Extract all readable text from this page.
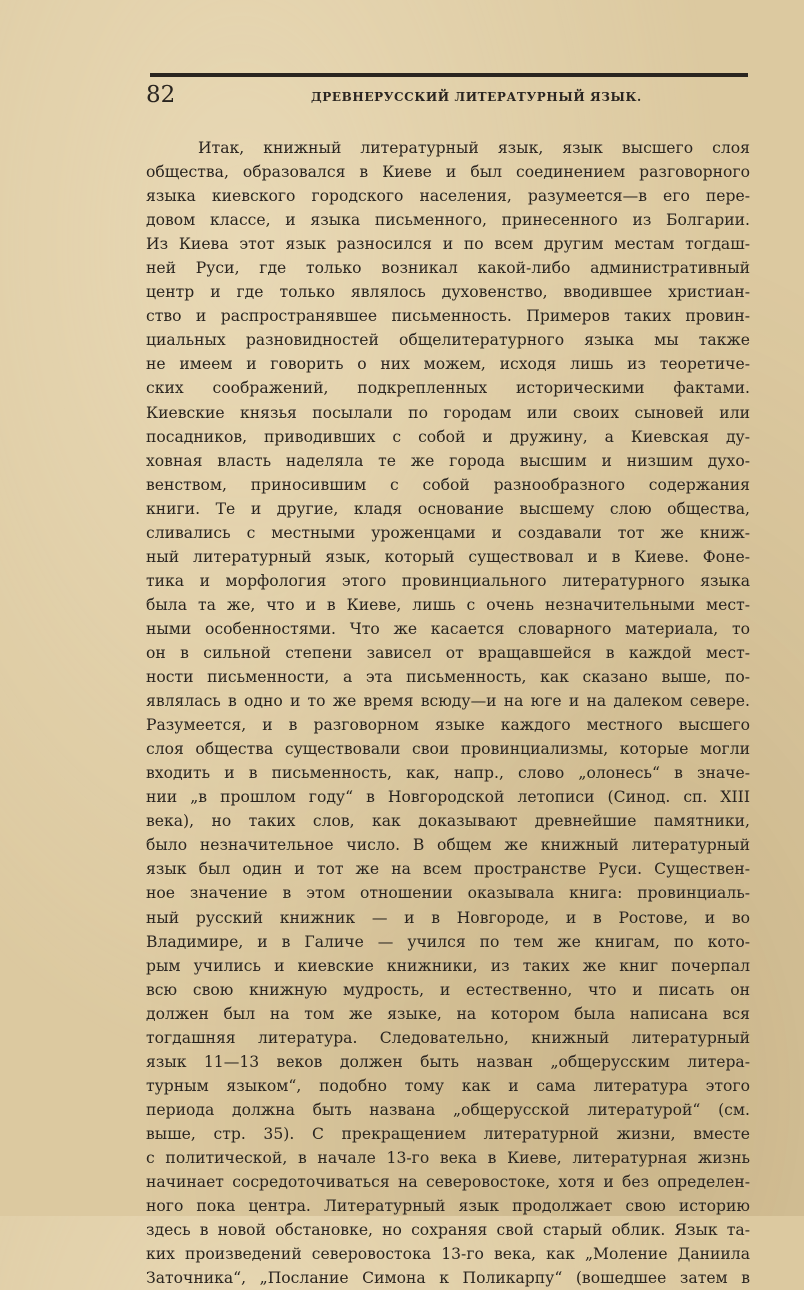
82	ДРЕВНЕРУССКИЙ ЛИТЕРАТУРНЫЙ ЯЗЫК.
Итак, книжный литературный язык, язык высшего слоя
общества, образовался в Киеве и был соединением разговорного
языка киевского городского населения, разумеется—в его пере-
довом классе, и языка письменного, принесенного из Болгарии.
Из Киева этот язык разносился и по всем другим местам тогдаш-
ней Руси, где только возникал какой-либо административный
центр и где только являлось духовенство, вводившее христиан-
ство и распространявшее письменность. Примеров таких провин-
циальных разновидностей общелитературного языка мы также
не имеем и говорить о них можем, исходя лишь из теоретиче-
ских соображений, подкрепленных историческими фактами.
Киевские князья посылали по городам или своих сыновей или
посадников, приводивших с собой и дружину, а Киевская ду-
ховная власть наделяла те же города высшим и низшим духо-
венством, приносившим с собой разнообразного содержания
книги. Те и другие, кладя основание высшему слою общества,
сливались с местными уроженцами и создавали тот же книж-
ный литературный язык, который существовал и в Киеве. Фоне-
тика и морфология этого провинциального литературного языка
была та же, что и в Киеве, лишь с очень незначительными мест-
ными особенностями. Что же касается словарного материала, то
он в сильной степени зависел от вращавшейся в каждой мест-
ности письменности, а эта письменность, как сказано выше, по-
являлась в одно и то же время всюду—и на юге и на далеком севере.
Разумеется, и в разговорном языке каждого местного высшего
слоя общества существовали свои провинциализмы, которые могли
входить и в письменность, как, напр., слово „олонесь“ в значе-
нии „в прошлом году“ в Новгородской летописи (Синод. сп. XIII
века), но таких слов, как доказывают древнейшие памятники,
было незначительное число. В общем же книжный литературный
язык был один и тот же на всем пространстве Руси. Существен-
ное значение в этом отношении оказывала книга: провинциаль-
ный русский книжник — и в Новгороде, и в Ростове, и во
Владимире, и в Галиче — учился по тем же книгам, по кото-
рым учились и киевские книжники, из таких же книг почерпал
всю свою книжную мудрость, и естественно, что и писать он
должен был на том же языке, на котором была написана вся
тогдашняя литература. Следовательно, книжный литературный
язык 11—13 веков должен быть назван „общерусским литера-
турным языком“, подобно тому как и сама литература этого
периода должна быть названа „общерусской литературой“ (см.
выше, стр. 35). С прекращением литературной жизни, вместе
с политической, в начале 13-го века в Киеве, литературная жизнь
начинает сосредоточиваться на северовостоке, хотя и без определен-
ного пока центра. Литературный язык продолжает свою историю
здесь в новой обстановке, но сохраняя свой старый облик. Язык та-
ких произведений северовостока 13-го века, как „Моление Даниила
Заточника“, „Послание Симона к Поликарпу“ (вошедшее затем в
